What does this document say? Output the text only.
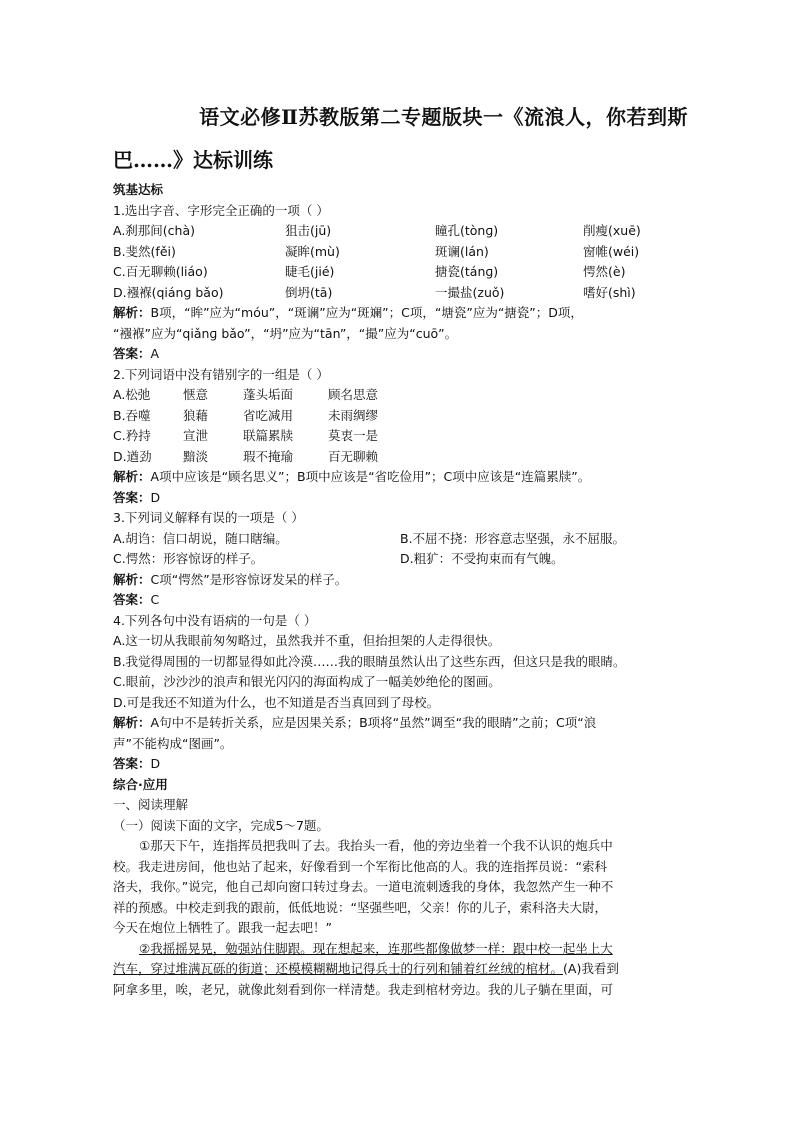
语文必修Ⅱ苏教版第二专题版块一《流浪人，你若到斯
巴……》达标训练
筑基达标
1.选出字音、字形完全正确的一项（ ）
A.刹那间(chà)	狙击(jū)	瞳孔(tònɡ)	削瘦(xuē)
B.斐然(fěi)	凝眸(mù)	斑谰(lán)	窗帷(wéi)
C.百无聊赖(liáo)	睫毛(jié)	搪瓷(tánɡ)	愕然(è)
D.襁褓(qiánɡ bǎo)	倒坍(tā)	一撮盐(zuǒ)	嗜好(shì)
解析：B项，“眸”应为“móu”，“斑谰”应为“斑斓”；C项，“塘瓷”应为“搪瓷”；D项，
“襁褓”应为“qiǎnɡ bǎo”，“坍”应为“tān”，“撮”应为“cuō”。
答案：A
2.下列词语中没有错别字的一组是（ ）
A.松弛	惬意	蓬头垢面	顾名思意
B.吞噬	狼藉	省吃减用	未雨绸缪
C.矜持	宣泄	联篇累牍	莫衷一是
D.遒劲	黯淡	瑕不掩瑜	百无聊赖
解析：A项中应该是“顾名思义”；B项中应该是“省吃俭用”；C项中应该是“连篇累牍”。
答案：D
3.下列词义解释有误的一项是（ ）
A.胡诌：信口胡说，随口瞎编。	B.不屈不挠：形容意志坚强，永不屈服。
C.愕然：形容惊讶的样子。	D.粗犷：不受拘束而有气魄。
解析：C项“愕然”是形容惊讶发呆的样子。
答案：C
4.下列各句中没有语病的一句是（ ）
A.这一切从我眼前匆匆略过，虽然我并不重，但抬担架的人走得很快。
B.我觉得周围的一切都显得如此冷漠……我的眼睛虽然认出了这些东西，但这只是我的眼睛。
C.眼前，沙沙沙的浪声和银光闪闪的海面构成了一幅美妙绝伦的图画。
D.可是我还不知道为什么，也不知道是否当真回到了母校。
解析：A句中不是转折关系，应是因果关系；B项将“虽然”调至“我的眼睛”之前；C项“浪
声”不能构成“图画”。
答案：D
综合·应用
一、阅读理解
（一）阅读下面的文字，完成5～7题。
①那天下午，连指挥员把我叫了去。我抬头一看，他的旁边坐着一个我不认识的炮兵中
校。我走进房间，他也站了起来，好像看到一个军衔比他高的人。我的连指挥员说：“索科
洛夫，我你。”说完，他自己却向窗口转过身去。一道电流刺透我的身体，我忽然产生一种不
祥的预感。中校走到我的跟前，低低地说：“坚强些吧，父亲！你的儿子，索科洛夫大尉，
今天在炮位上牺牲了。跟我一起去吧！”
②我摇摇晃晃，勉强站住脚跟。现在想起来，连那些都像做梦一样：跟中校一起坐上大
汽车，穿过堆满瓦砾的街道；还模模糊糊地记得兵士的行列和铺着红丝绒的棺材。(A)我看到
阿拿多里，唉，老兄，就像此刻看到你一样清楚。我走到棺材旁边。我的儿子躺在里面，可
